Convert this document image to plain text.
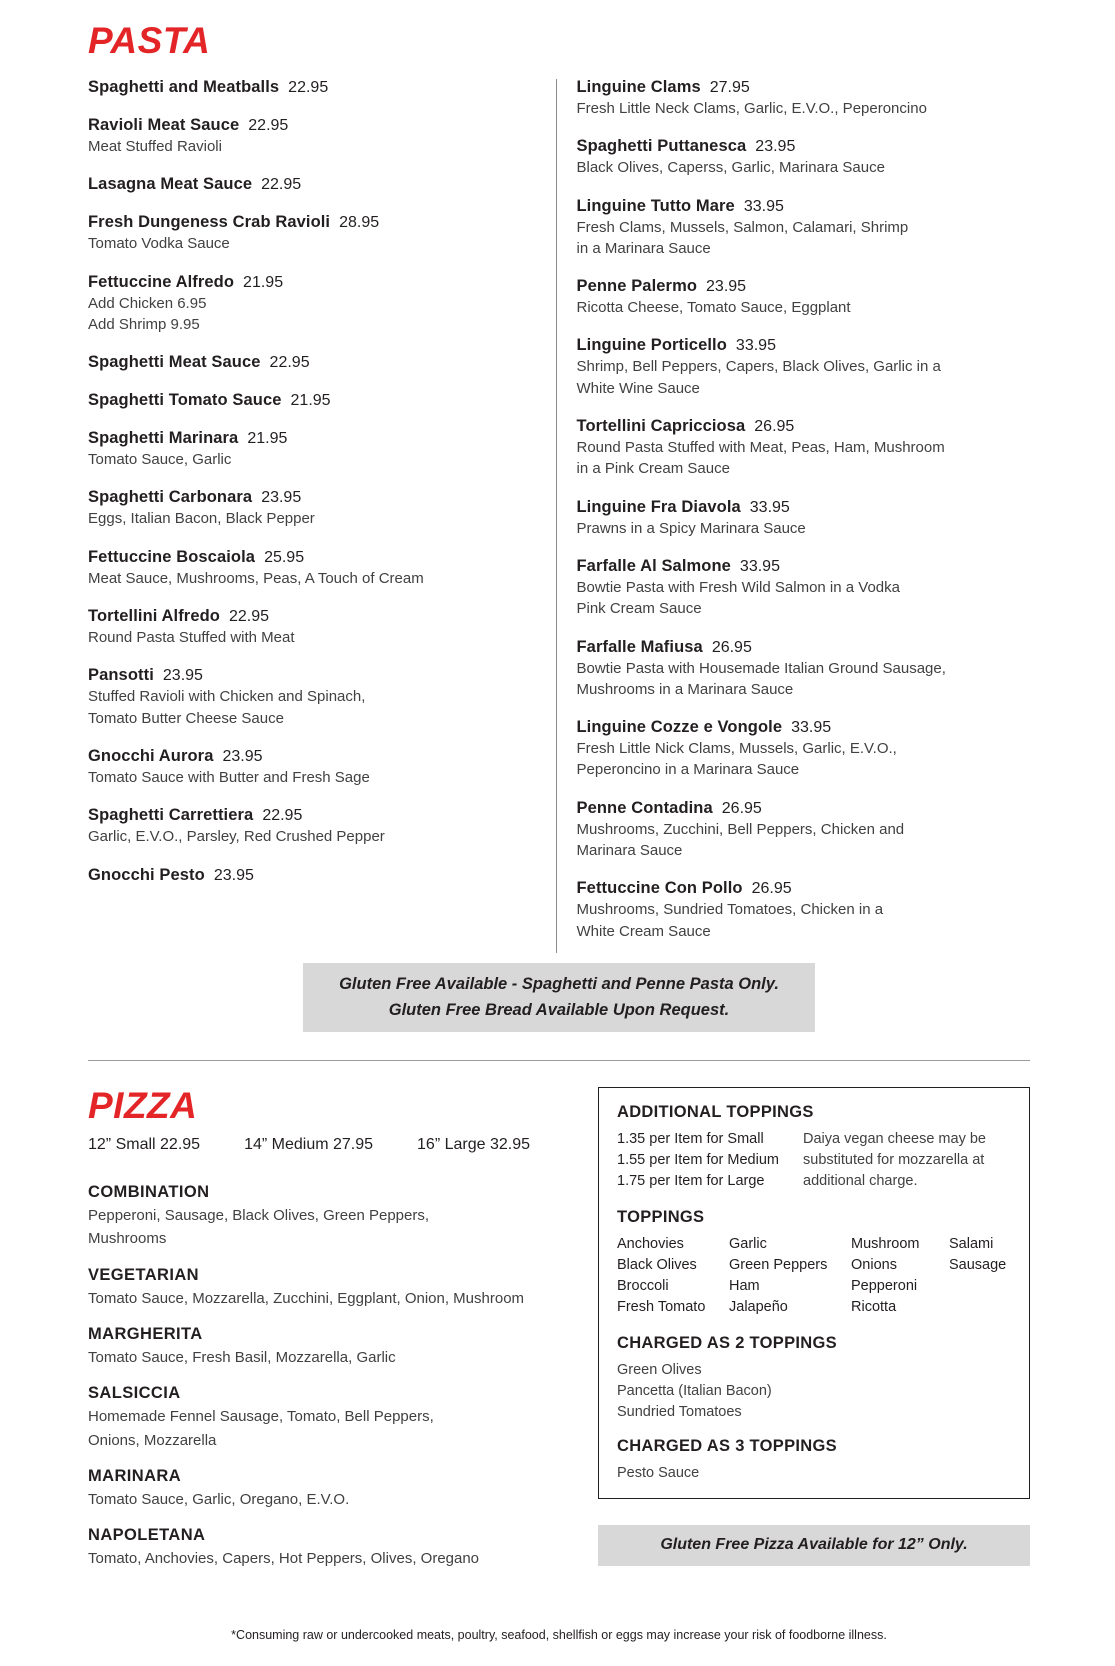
PASTA
Spaghetti and Meatballs 22.95
Ravioli Meat Sauce 22.95
Meat Stuffed Ravioli
Lasagna Meat Sauce 22.95
Fresh Dungeness Crab Ravioli 28.95
Tomato Vodka Sauce
Fettuccine Alfredo 21.95
Add Chicken 6.95
Add Shrimp 9.95
Spaghetti Meat Sauce 22.95
Spaghetti Tomato Sauce 21.95
Spaghetti Marinara 21.95
Tomato Sauce, Garlic
Spaghetti Carbonara 23.95
Eggs, Italian Bacon, Black Pepper
Fettuccine Boscaiola 25.95
Meat Sauce, Mushrooms, Peas, A Touch of Cream
Tortellini Alfredo 22.95
Round Pasta Stuffed with Meat
Pansotti 23.95
Stuffed Ravioli with Chicken and Spinach,
Tomato Butter Cheese Sauce
Gnocchi Aurora 23.95
Tomato Sauce with Butter and Fresh Sage
Spaghetti Carrettiera 22.95
Garlic, E.V.O., Parsley, Red Crushed Pepper
Gnocchi Pesto 23.95
Linguine Clams 27.95
Fresh Little Neck Clams, Garlic, E.V.O., Peperoncino
Spaghetti Puttanesca 23.95
Black Olives, Caperss, Garlic, Marinara Sauce
Linguine Tutto Mare 33.95
Fresh Clams, Mussels, Salmon, Calamari, Shrimp
in a Marinara Sauce
Penne Palermo 23.95
Ricotta Cheese, Tomato Sauce, Eggplant
Linguine Porticello 33.95
Shrimp, Bell Peppers, Capers, Black Olives, Garlic in a
White Wine Sauce
Tortellini Capricciosa 26.95
Round Pasta Stuffed with Meat, Peas, Ham, Mushroom
in a Pink Cream Sauce
Linguine Fra Diavola 33.95
Prawns in a Spicy Marinara Sauce
Farfalle Al Salmone 33.95
Bowtie Pasta with Fresh Wild Salmon in a Vodka
Pink Cream Sauce
Farfalle Mafiusa 26.95
Bowtie Pasta with Housemade Italian Ground Sausage,
Mushrooms in a Marinara Sauce
Linguine Cozze e Vongole 33.95
Fresh Little Nick Clams, Mussels, Garlic, E.V.O.,
Peperoncino in a Marinara Sauce
Penne Contadina 26.95
Mushrooms, Zucchini, Bell Peppers, Chicken and
Marinara Sauce
Fettuccine Con Pollo 26.95
Mushrooms, Sundried Tomatoes, Chicken in a
White Cream Sauce
Gluten Free Available - Spaghetti and Penne Pasta Only.
Gluten Free Bread Available Upon Request.
PIZZA
12” Small 22.95	14” Medium 27.95	16” Large 32.95
COMBINATION
Pepperoni, Sausage, Black Olives, Green Peppers,
Mushrooms
VEGETARIAN
Tomato Sauce, Mozzarella, Zucchini, Eggplant, Onion, Mushroom
MARGHERITA
Tomato Sauce, Fresh Basil, Mozzarella, Garlic
SALSICCIA
Homemade Fennel Sausage, Tomato, Bell Peppers,
Onions, Mozzarella
MARINARA
Tomato Sauce, Garlic, Oregano, E.V.O.
NAPOLETANA
Tomato, Anchovies, Capers, Hot Peppers, Olives, Oregano
ADDITIONAL TOPPINGS
1.35 per Item for Small
1.55 per Item for Medium
1.75 per Item for Large
Daiya vegan cheese may be substituted for mozzarella at additional charge.
TOPPINGS
Anchovies
Black Olives
Broccoli
Fresh Tomato
Garlic
Green Peppers
Ham
Jalapeño
Mushroom
Onions
Pepperoni
Ricotta
Salami
Sausage
CHARGED AS 2 TOPPINGS
Green Olives
Pancetta (Italian Bacon)
Sundried Tomatoes
CHARGED AS 3 TOPPINGS
Pesto Sauce
Gluten Free Pizza Available for 12” Only.
*Consuming raw or undercooked meats, poultry, seafood, shellfish or eggs may increase your risk of foodborne illness.
